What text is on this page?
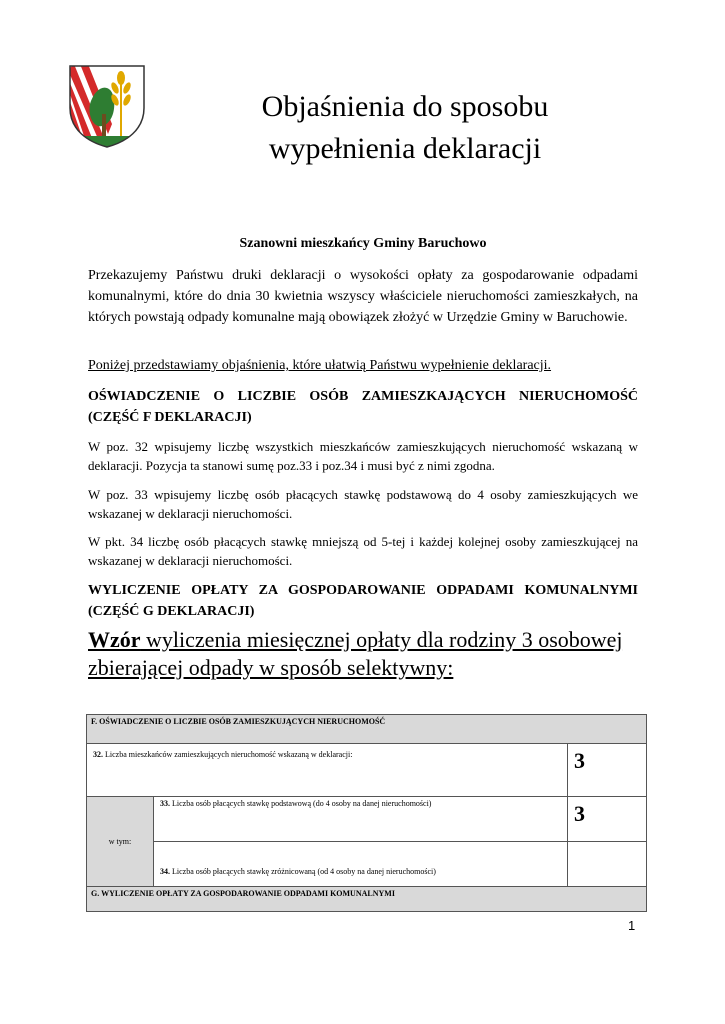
Objaśnienia do sposobu
wypełnienia deklaracji
Szanowni mieszkańcy Gminy Baruchowo
Przekazujemy Państwu druki deklaracji o wysokości opłaty za gospodarowanie odpadami komunalnymi, które do dnia 30 kwietnia wszyscy właściciele nieruchomości zamieszkałych, na których powstają odpady komunalne mają obowiązek złożyć w Urzędzie Gminy w Baruchowie.
Poniżej przedstawiamy objaśnienia, które ułatwią Państwu wypełnienie deklaracji.
OŚWIADCZENIE O LICZBIE OSÓB ZAMIESZKAJĄCYCH NIERUCHOMOŚĆ (CZĘŚĆ F DEKLARACJI)
W poz. 32 wpisujemy liczbę wszystkich mieszkańców zamieszkujących nieruchomość wskazaną w deklaracji. Pozycja ta stanowi sumę poz.33 i poz.34 i musi być z nimi zgodna.
W poz. 33 wpisujemy liczbę osób płacących stawkę podstawową do 4 osoby zamieszkujących we wskazanej w deklaracji nieruchomości.
W pkt. 34 liczbę osób płacących stawkę mniejszą od 5-tej i każdej kolejnej osoby zamieszkującej na wskazanej w deklaracji nieruchomości.
WYLICZENIE OPŁATY ZA GOSPODAROWANIE ODPADAMI KOMUNALNYMI (CZĘŚĆ G DEKLARACJI)
Wzór wyliczenia miesięcznej opłaty dla rodziny 3 osobowej
zbierającej odpady w sposób selektywny:
F. OŚWIADCZENIE O LICZBIE OSÓB ZAMIESZKUJĄCYCH NIERUCHOMOŚĆ		
32. Liczba mieszkańców zamieszkujących nieruchomość wskazaną w deklaracji:		3
w tym:	33. Liczba osób płacących stawkę podstawową (do 4 osoby na danej nieruchomości)	3

	34. Liczba osób płacących stawkę zróżnicowaną (od 4 osoby na danej nieruchomości)	

G. WYLICZENIE OPŁATY ZA GOSPODAROWANIE ODPADAMI KOMUNALNYMI		
1
